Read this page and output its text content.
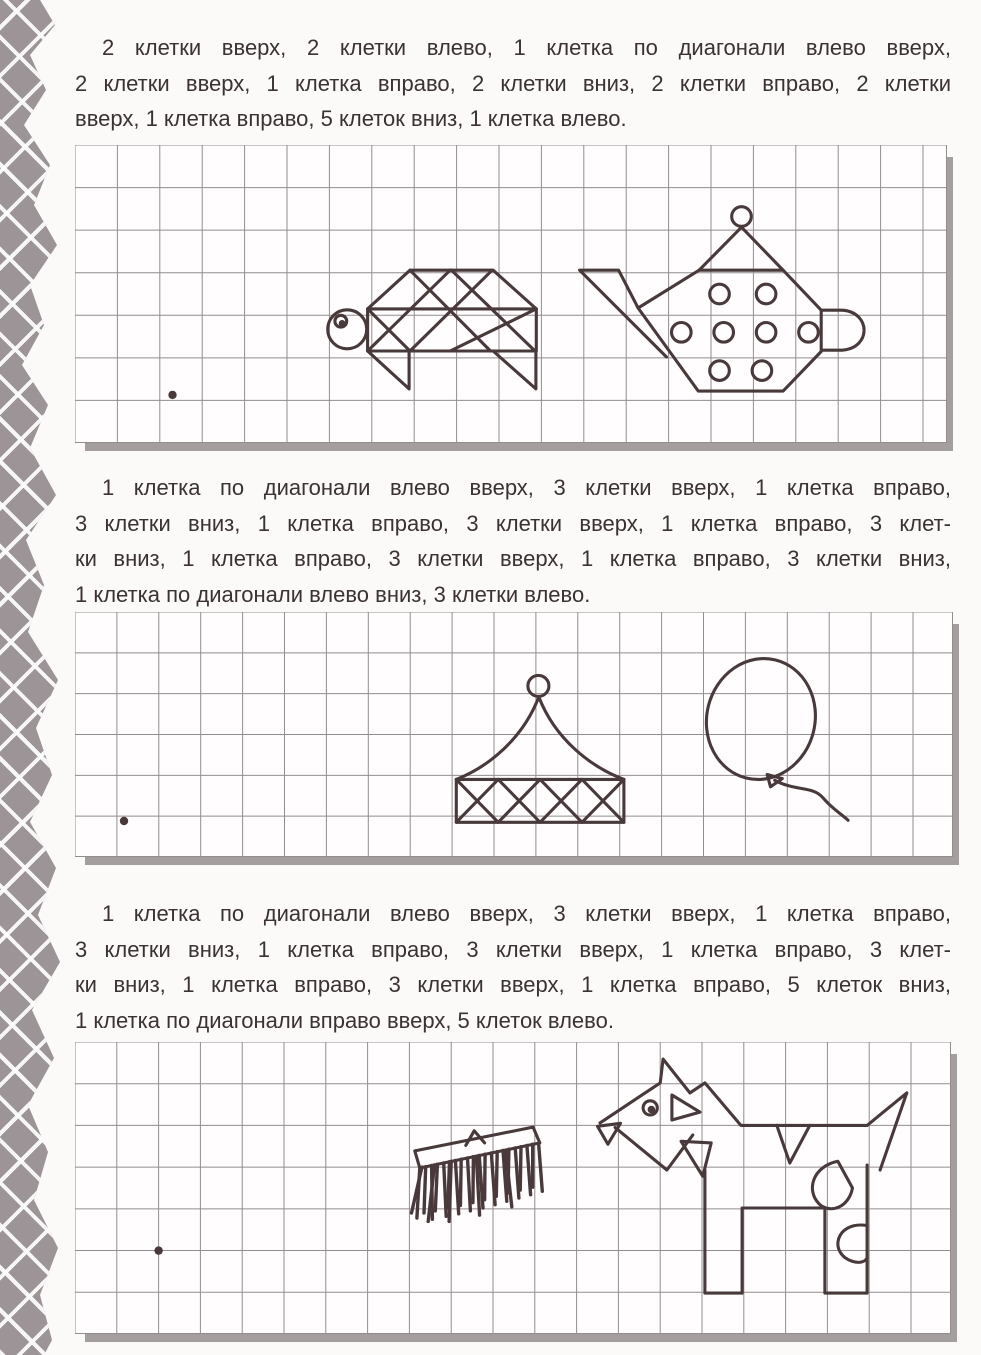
2 клетки вверх, 2 клетки влево, 1 клетка по диагонали влево вверх,
2 клетки вверх, 1 клетка вправо, 2 клетки вниз, 2 клетки вправо, 2 клетки
вверх, 1 клетка вправо, 5 клеток вниз, 1 клетка влево.
1 клетка по диагонали влево вверх, 3 клетки вверх, 1 клетка вправо,
3 клетки вниз, 1 клетка вправо, 3 клетки вверх, 1 клетка вправо, 3 клет-
ки вниз, 1 клетка вправо, 3 клетки вверх, 1 клетка вправо, 3 клетки вниз,
1 клетка по диагонали влево вниз, 3 клетки влево.
1 клетка по диагонали влево вверх, 3 клетки вверх, 1 клетка вправо,
3 клетки вниз, 1 клетка вправо, 3 клетки вверх, 1 клетка вправо, 3 клет-
ки вниз, 1 клетка вправо, 3 клетки вверх, 1 клетка вправо, 5 клеток вниз,
1 клетка по диагонали вправо вверх, 5 клеток влево.
